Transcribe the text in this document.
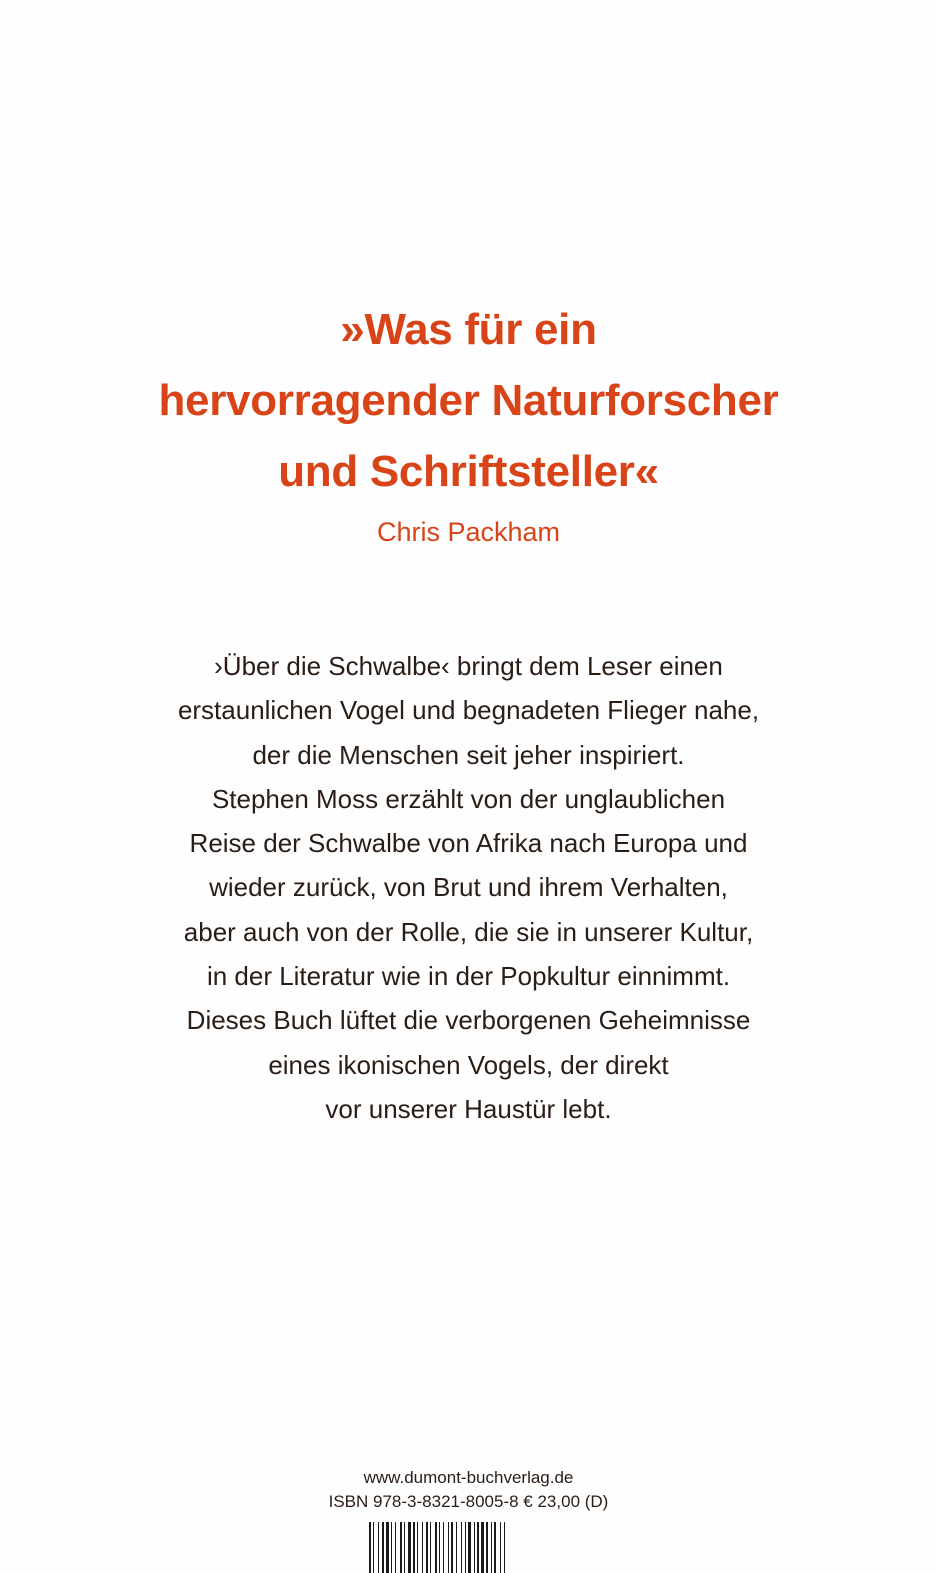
»Was für ein
hervorragender Naturforscher
und Schriftsteller«
Chris Packham
›Über die Schwalbe‹ bringt dem Leser einen
erstaunlichen Vogel und begnadeten Flieger nahe,
der die Menschen seit jeher inspiriert.
Stephen Moss erzählt von der unglaublichen
Reise der Schwalbe von Afrika nach Europa und
wieder zurück, von Brut und ihrem Verhalten,
aber auch von der Rolle, die sie in unserer Kultur,
in der Literatur wie in der Popkultur einnimmt.
Dieses Buch lüftet die verborgenen Geheimnisse
eines ikonischen Vogels, der direkt
vor unserer Haustür lebt.
www.dumont-buchverlag.de
ISBN 978-3-8321-8005-8 € 23,00 (D)
